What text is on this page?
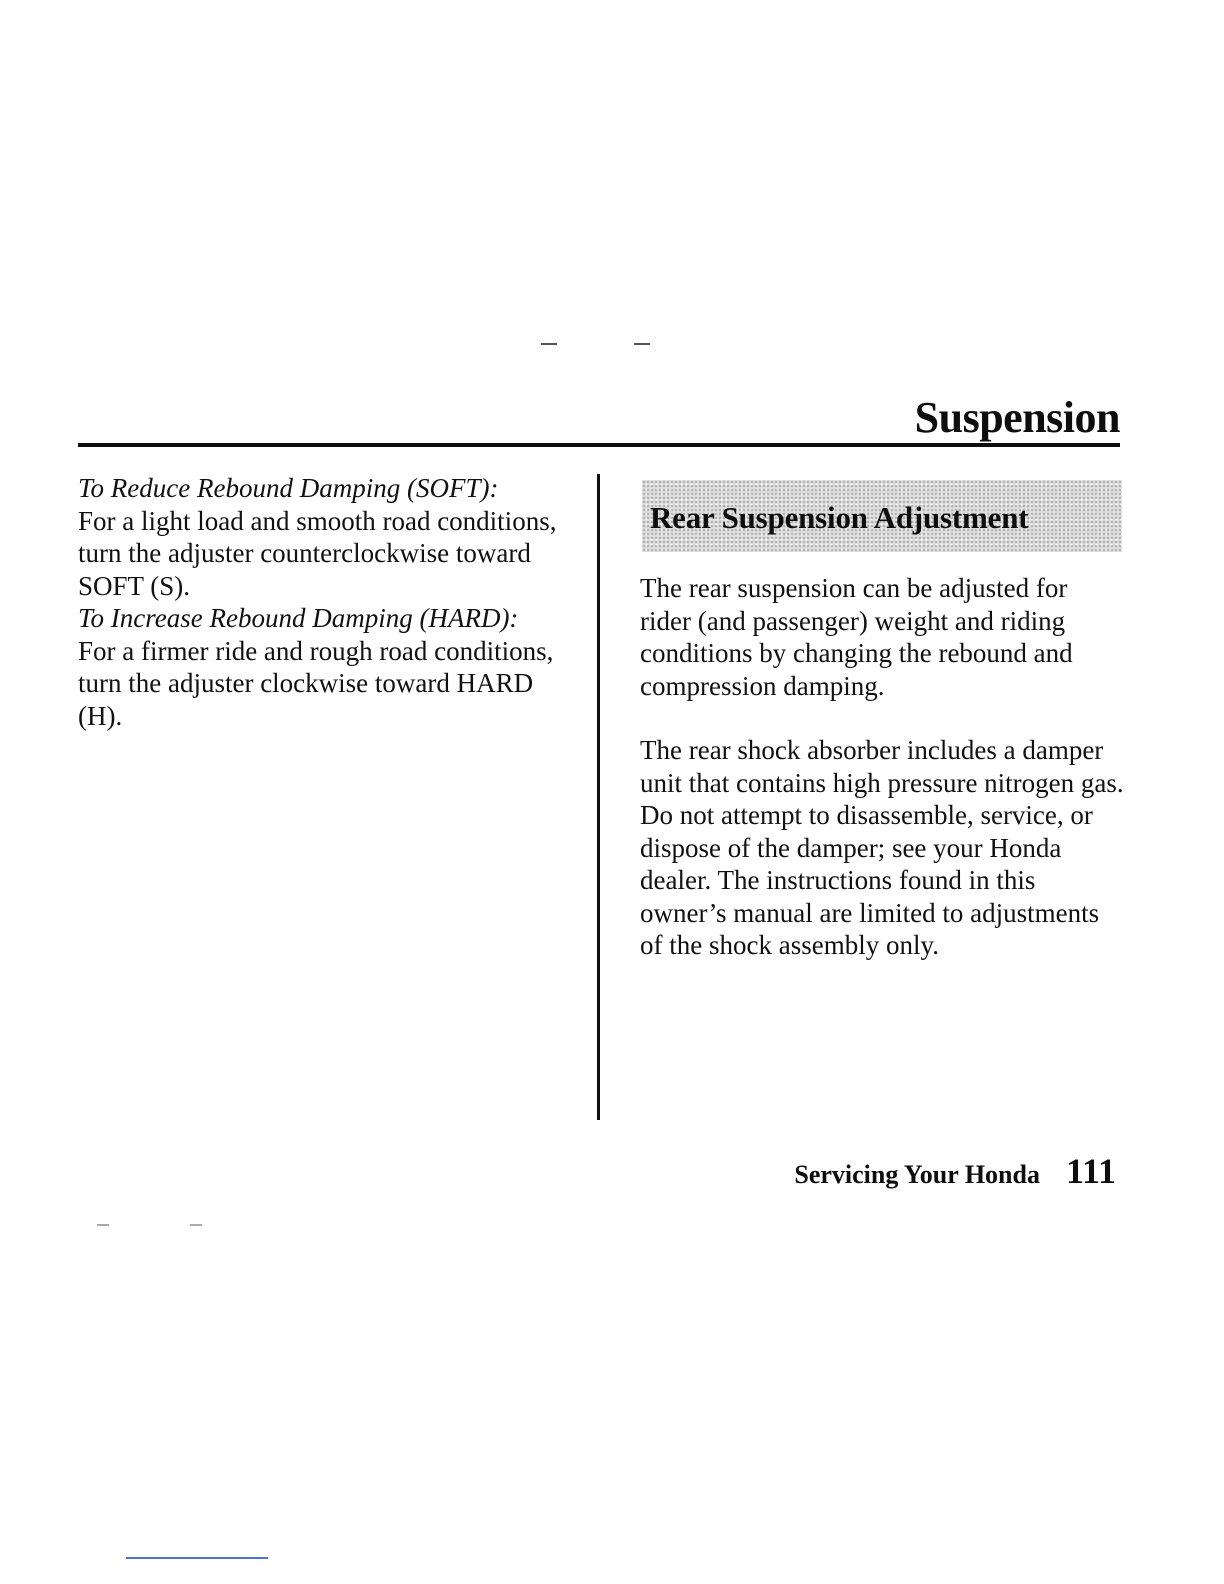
Suspension

To Reduce Rebound Damping (SOFT):

For a light load and smooth road conditions, turn the adjuster counterclockwise toward SOFT (S).

To Increase Rebound Damping (HARD):

For a firmer ride and rough road conditions, turn the adjuster clockwise toward HARD (H).

Rear Suspension Adjustment

The rear suspension can be adjusted for rider (and passenger) weight and riding conditions by changing the rebound and compression damping.

The rear shock absorber includes a damper unit that contains high pressure nitrogen gas. Do not attempt to disassemble, service, or dispose of the damper; see your Honda dealer. The instructions found in this owner’s manual are limited to adjustments of the shock assembly only.

Servicing Your Honda 111
